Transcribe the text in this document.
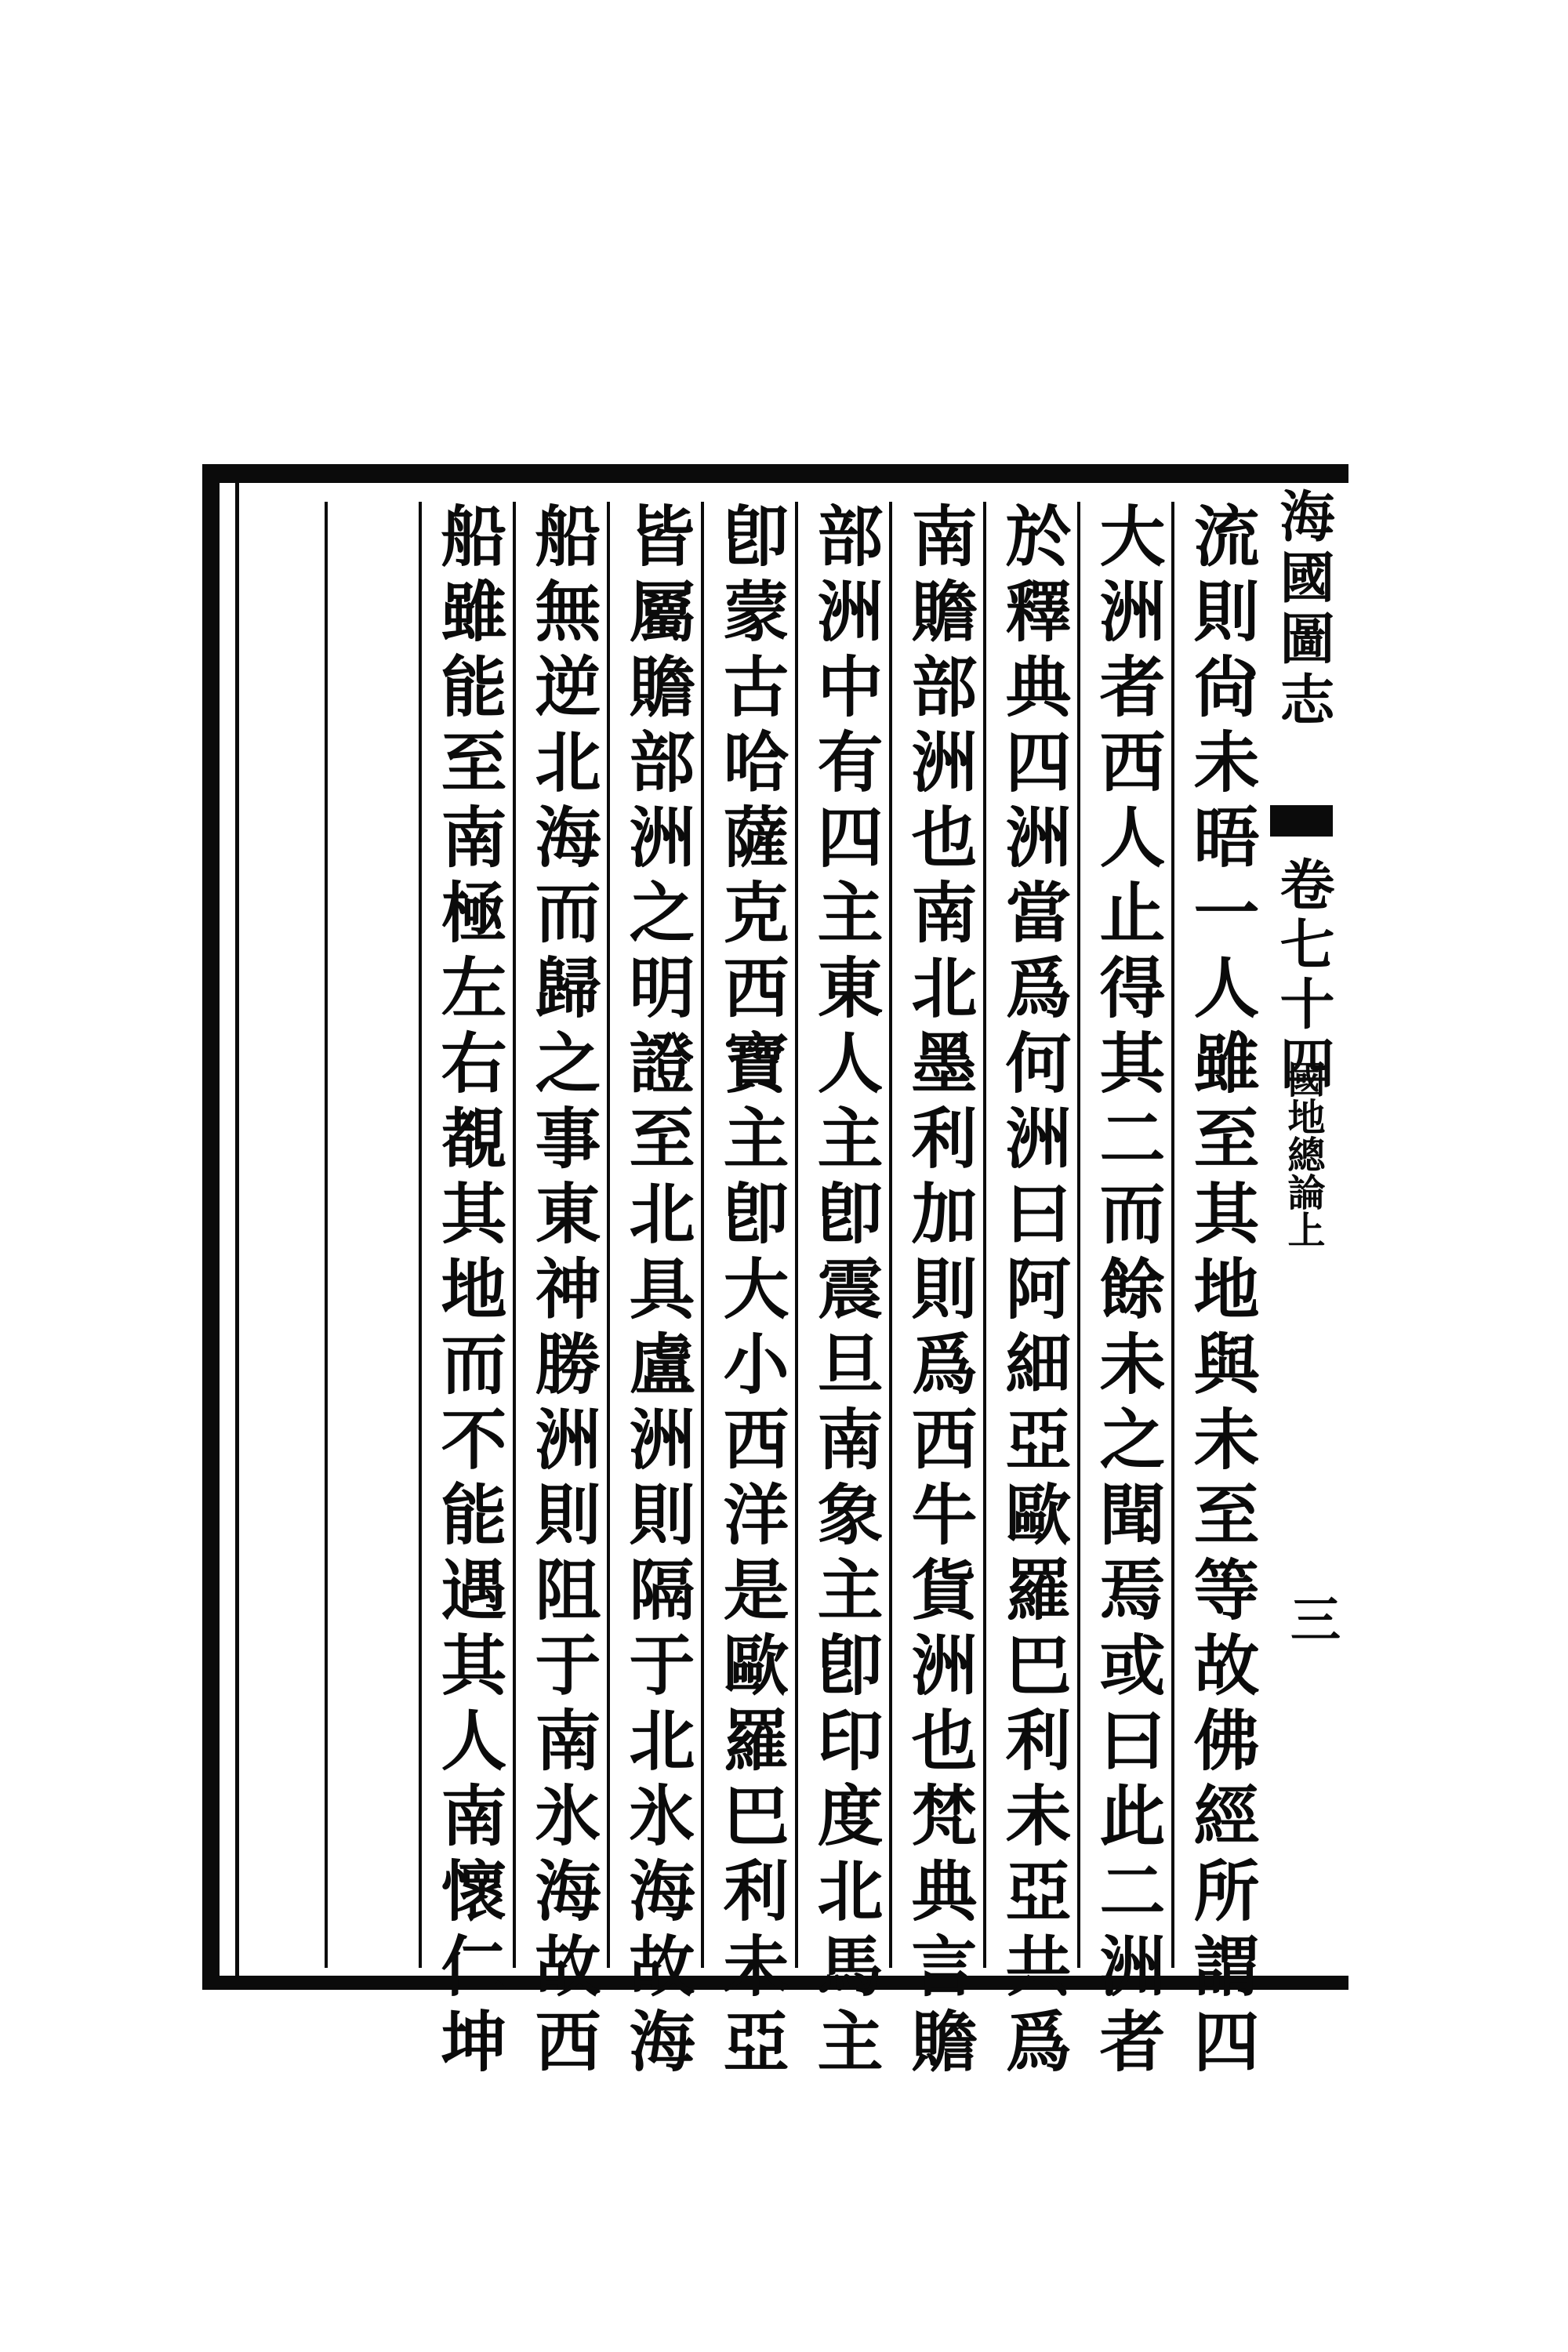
海國圖志
卷七十四
國地總論上
三
流則尙未晤一人雖至其地與未至等故佛經所謂四
大洲者西人止得其二而餘未之聞焉或曰此二洲者
於釋典四洲當爲何洲曰阿細亞歐羅巴利未亞共爲
南贍部洲也南北墨利加則爲西牛貨洲也梵典言贍
部洲中有四主東人主卽震旦南象主卽印度北馬主
卽蒙古哈薩克西寶主卽大小西洋是歐羅巴利未亞
皆屬贍部洲之明證至北具盧洲則隔于北氷海故海
船無逆北海而歸之事東神勝洲則阻于南氷海故西
船雖能至南極左右覩其地而不能遇其人南懷仁坤
